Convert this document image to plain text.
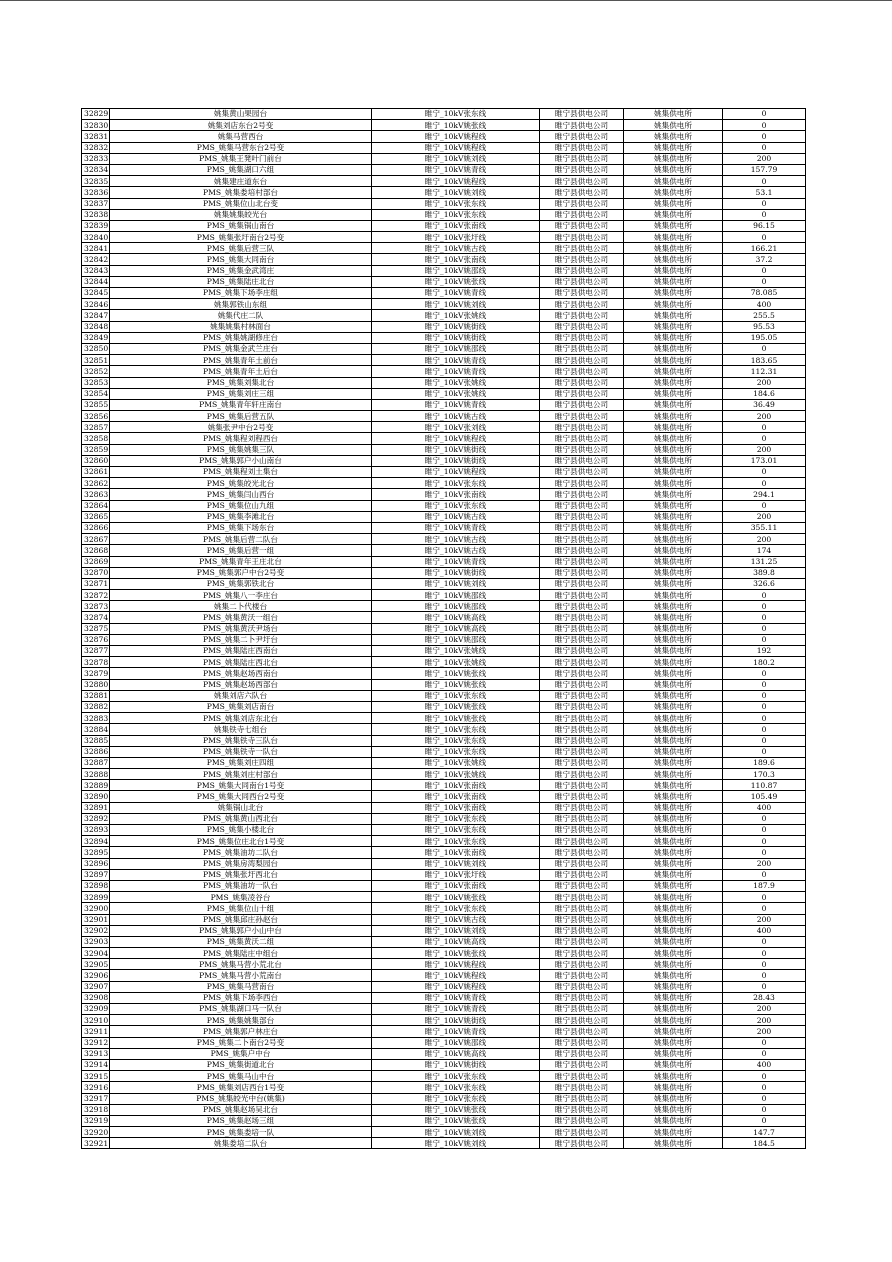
32829	姚集黄山果园台	睢宁_10kV张东线	睢宁县供电公司	姚集供电所	0
32830	姚集刘店东台2号变	睢宁_10kV姚张线	睢宁县供电公司	姚集供电所	0
32831	姚集马营西台	睢宁_10kV姚程线	睢宁县供电公司	姚集供电所	0
32832	PMS_姚集马营东台2号变	睢宁_10kV姚程线	睢宁县供电公司	姚集供电所	0
32833	PMS_姚集王凳叶门前台	睢宁_10kV姚刘线	睢宁县供电公司	姚集供电所	200
32834	PMS_姚集湖口六组	睢宁_10kV姚青线	睢宁县供电公司	姚集供电所	157.79
32835	姚集建庄道东台	睢宁_10kV姚程线	睢宁县供电公司	姚集供电所	0
32836	PMS_姚集娄培村部台	睢宁_10kV姚刘线	睢宁县供电公司	姚集供电所	53.1
32837	PMS_姚集位山北台变	睢宁_10kV张东线	睢宁县供电公司	姚集供电所	0
32838	姚集姚集皎光台	睢宁_10kV张东线	睢宁县供电公司	姚集供电所	0
32839	PMS_姚集锅山南台	睢宁_10kV张南线	睢宁县供电公司	姚集供电所	96.15
32840	PMS_姚集张圩南台2号变	睢宁_10kV张圩线	睢宁县供电公司	姚集供电所	0
32841	PMS_姚集后营三队	睢宁_10kV姚古线	睢宁县供电公司	姚集供电所	166.21
32842	PMS_姚集大同南台	睢宁_10kV张南线	睢宁县供电公司	姚集供电所	37.2
32843	PMS_姚集金武湾庄	睢宁_10kV姚邵线	睢宁县供电公司	姚集供电所	0
32844	PMS_姚集陆庄北台	睢宁_10kV姚张线	睢宁县供电公司	姚集供电所	0
32845	PMS_姚集下场李庄组	睢宁_10kV姚青线	睢宁县供电公司	姚集供电所	78.085
32846	姚集郭铁山东组	睢宁_10kV姚刘线	睢宁县供电公司	姚集供电所	400
32847	姚集代庄二队	睢宁_10kV张姚线	睢宁县供电公司	姚集供电所	255.5
32848	姚集姚集村林面台	睢宁_10kV姚街线	睢宁县供电公司	姚集供电所	95.53
32849	PMS_姚集姚湖修庄台	睢宁_10kV姚街线	睢宁县供电公司	姚集供电所	195.05
32850	PMS_姚集金武兰庄台	睢宁_10kV姚邵线	睢宁县供电公司	姚集供电所	0
32851	PMS_姚集青年土前台	睢宁_10kV姚青线	睢宁县供电公司	姚集供电所	183.65
32852	PMS_姚集青年土后台	睢宁_10kV姚青线	睢宁县供电公司	姚集供电所	112.31
32853	PMS_姚集刘集北台	睢宁_10kV张姚线	睢宁县供电公司	姚集供电所	200
32854	PMS_姚集刘庄三组	睢宁_10kV张姚线	睢宁县供电公司	姚集供电所	184.6
32855	PMS_姚集青年轩庄南台	睢宁_10kV姚青线	睢宁县供电公司	姚集供电所	36.49
32856	PMS_姚集后营五队	睢宁_10kV姚古线	睢宁县供电公司	姚集供电所	200
32857	姚集张尹中台2号变	睢宁_10kV张刘线	睢宁县供电公司	姚集供电所	0
32858	PMS_姚集程刘程西台	睢宁_10kV姚程线	睢宁县供电公司	姚集供电所	0
32859	PMS_姚集姚集三队	睢宁_10kV姚街线	睢宁县供电公司	姚集供电所	200
32860	PMS_姚集郭户小山南台	睢宁_10kV姚街线	睢宁县供电公司	姚集供电所	173.01
32861	PMS_姚集程刘土集台	睢宁_10kV姚程线	睢宁县供电公司	姚集供电所	0
32862	PMS_姚集皎光北台	睢宁_10kV张东线	睢宁县供电公司	姚集供电所	0
32863	PMS_姚集闫山西台	睢宁_10kV张南线	睢宁县供电公司	姚集供电所	294.1
32864	PMS_姚集位山九组	睢宁_10kV张东线	睢宁县供电公司	姚集供电所	0
32865	PMS_姚集李滩北台	睢宁_10kV姚古线	睢宁县供电公司	姚集供电所	200
32866	PMS_姚集下场东台	睢宁_10kV姚青线	睢宁县供电公司	姚集供电所	355.11
32867	PMS_姚集后营二队台	睢宁_10kV姚古线	睢宁县供电公司	姚集供电所	200
32868	PMS_姚集后营一组	睢宁_10kV姚古线	睢宁县供电公司	姚集供电所	174
32869	PMS_姚集青年王庄北台	睢宁_10kV姚青线	睢宁县供电公司	姚集供电所	131.25
32870	PMS_姚集郭户中台2号变	睢宁_10kV姚街线	睢宁县供电公司	姚集供电所	389.8
32871	PMS_姚集郭铁北台	睢宁_10kV姚刘线	睢宁县供电公司	姚集供电所	326.6
32872	PMS_姚集八一李庄台	睢宁_10kV姚邵线	睢宁县供电公司	姚集供电所	0
32873	姚集二卜代楼台	睢宁_10kV姚邵线	睢宁县供电公司	姚集供电所	0
32874	PMS_姚集黄沃一组台	睢宁_10kV姚高线	睢宁县供电公司	姚集供电所	0
32875	PMS_姚集黄沃尹场台	睢宁_10kV姚高线	睢宁县供电公司	姚集供电所	0
32876	PMS_姚集二卜尹圩台	睢宁_10kV姚邵线	睢宁县供电公司	姚集供电所	0
32877	PMS_姚集陆庄西南台	睢宁_10kV张姚线	睢宁县供电公司	姚集供电所	192
32878	PMS_姚集陆庄西北台	睢宁_10kV张姚线	睢宁县供电公司	姚集供电所	180.2
32879	PMS_姚集赵场西南台	睢宁_10kV姚张线	睢宁县供电公司	姚集供电所	0
32880	PMS_姚集赵场西部台	睢宁_10kV姚张线	睢宁县供电公司	姚集供电所	0
32881	姚集刘店六队台	睢宁_10kV张东线	睢宁县供电公司	姚集供电所	0
32882	PMS_姚集刘店南台	睢宁_10kV姚张线	睢宁县供电公司	姚集供电所	0
32883	PMS_姚集刘店东北台	睢宁_10kV姚张线	睢宁县供电公司	姚集供电所	0
32884	姚集铁寺七组台	睢宁_10kV张东线	睢宁县供电公司	姚集供电所	0
32885	PMS_姚集铁寺三队台	睢宁_10kV张东线	睢宁县供电公司	姚集供电所	0
32886	PMS_姚集铁寺一队台	睢宁_10kV张东线	睢宁县供电公司	姚集供电所	0
32887	PMS_姚集刘庄四组	睢宁_10kV张姚线	睢宁县供电公司	姚集供电所	189.6
32888	PMS_姚集刘庄村部台	睢宁_10kV张姚线	睢宁县供电公司	姚集供电所	170.3
32889	PMS_姚集大同南台1号变	睢宁_10kV张南线	睢宁县供电公司	姚集供电所	110.87
32890	PMS_姚集大同西台2号变	睢宁_10kV张南线	睢宁县供电公司	姚集供电所	105.49
32891	姚集锅山北台	睢宁_10kV张南线	睢宁县供电公司	姚集供电所	400
32892	PMS_姚集黄山西北台	睢宁_10kV张东线	睢宁县供电公司	姚集供电所	0
32893	PMS_姚集小楼北台	睢宁_10kV张东线	睢宁县供电公司	姚集供电所	0
32894	PMS_姚集位庄北台1号变	睢宁_10kV张东线	睢宁县供电公司	姚集供电所	0
32895	PMS_姚集油坊二队台	睢宁_10kV张南线	睢宁县供电公司	姚集供电所	0
32896	PMS_姚集房湾梨园台	睢宁_10kV姚刘线	睢宁县供电公司	姚集供电所	200
32897	PMS_姚集张圩西北台	睢宁_10kV张圩线	睢宁县供电公司	姚集供电所	0
32898	PMS_姚集油坊一队台	睢宁_10kV张南线	睢宁县供电公司	姚集供电所	187.9
32899	PMS_姚集凌谷台	睢宁_10kV姚张线	睢宁县供电公司	姚集供电所	0
32900	PMS_姚集位山十组	睢宁_10kV张东线	睢宁县供电公司	姚集供电所	0
32901	PMS_姚集邱庄孙赵台	睢宁_10kV姚古线	睢宁县供电公司	姚集供电所	200
32902	PMS_姚集郭户小山中台	睢宁_10kV姚刘线	睢宁县供电公司	姚集供电所	400
32903	PMS_姚集黄沃二组	睢宁_10kV姚高线	睢宁县供电公司	姚集供电所	0
32904	PMS_姚集陆庄中组台	睢宁_10kV姚张线	睢宁县供电公司	姚集供电所	0
32905	PMS_姚集马营小荒北台	睢宁_10kV姚程线	睢宁县供电公司	姚集供电所	0
32906	PMS_姚集马营小荒南台	睢宁_10kV姚程线	睢宁县供电公司	姚集供电所	0
32907	PMS_姚集马营南台	睢宁_10kV姚程线	睢宁县供电公司	姚集供电所	0
32908	PMS_姚集下场李西台	睢宁_10kV姚青线	睢宁县供电公司	姚集供电所	28.43
32909	PMS_姚集湖口马一队台	睢宁_10kV姚青线	睢宁县供电公司	姚集供电所	200
32910	PMS_姚集姚集部台	睢宁_10kV姚街线	睢宁县供电公司	姚集供电所	200
32911	PMS_姚集郭户林庄台	睢宁_10kV姚青线	睢宁县供电公司	姚集供电所	200
32912	PMS_姚集二卜南台2号变	睢宁_10kV姚邵线	睢宁县供电公司	姚集供电所	0
32913	PMS_姚集户中台	睢宁_10kV姚高线	睢宁县供电公司	姚集供电所	0
32914	PMS_姚集街道北台	睢宁_10kV姚街线	睢宁县供电公司	姚集供电所	400
32915	PMS_姚集马山中台	睢宁_10kV张东线	睢宁县供电公司	姚集供电所	0
32916	PMS_姚集刘店西台1号变	睢宁_10kV张东线	睢宁县供电公司	姚集供电所	0
32917	PMS_姚集皎光中台(姚集)	睢宁_10kV张东线	睢宁县供电公司	姚集供电所	0
32918	PMS_姚集赵场吴北台	睢宁_10kV姚张线	睢宁县供电公司	姚集供电所	0
32919	PMS_姚集赵场三组	睢宁_10kV姚张线	睢宁县供电公司	姚集供电所	0
32920	PMS_姚集娄培一队	睢宁_10kV姚刘线	睢宁县供电公司	姚集供电所	147.7
32921	姚集娄培二队台	睢宁_10kV姚刘线	睢宁县供电公司	姚集供电所	184.5
